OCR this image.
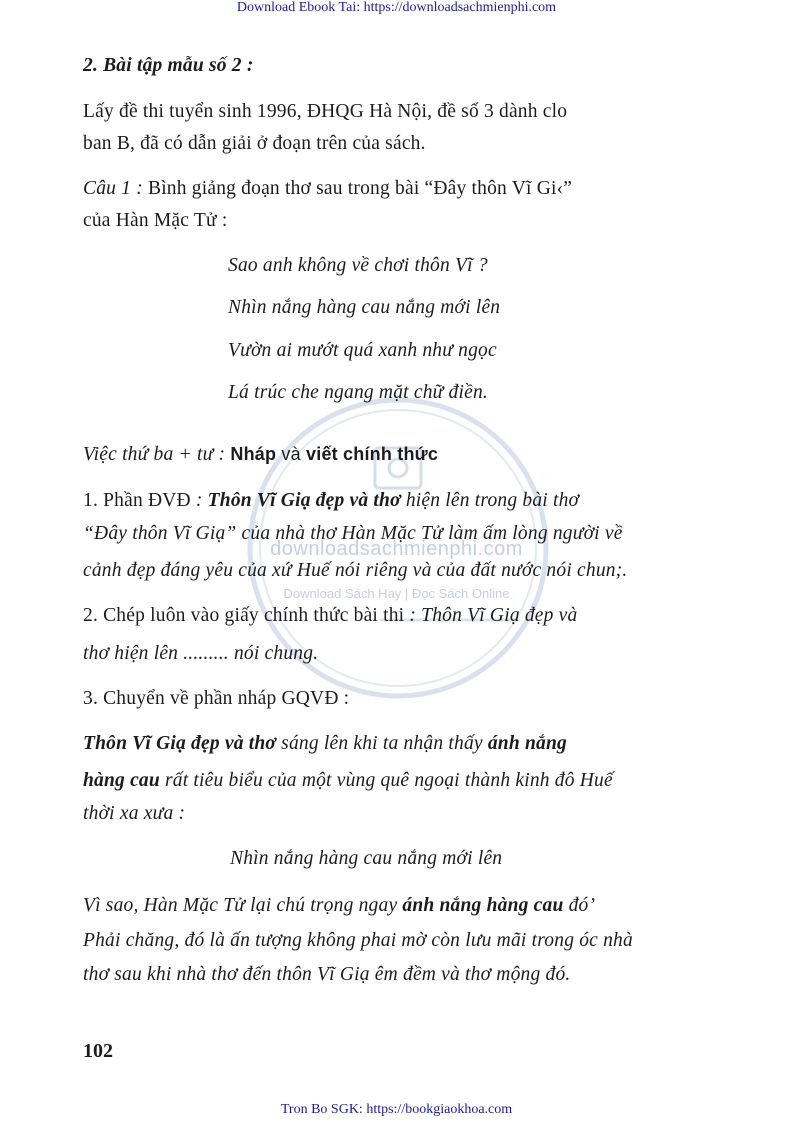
downloadsachmienphi.com
Download Sách Hay | Đọc Sách Online
Download Ebook Tai: https://downloadsachmienphi.com
2. Bài tập mẫu số 2 :
Lấy đề thi tuyển sinh 1996, ĐHQG Hà Nội, đề số 3 dành clo
ban B, đã có dẫn giải ở đoạn trên của sách.
Câu 1 : Bình giảng đoạn thơ sau trong bài “Đây thôn Vĩ Gi‹”
của Hàn Mặc Tử :
Sao anh không về chơi thôn Vĩ ?
Nhìn nắng hàng cau nắng mới lên
Vườn ai mướt quá xanh như ngọc
Lá trúc che ngang mặt chữ điền.
Việc thứ ba + tư : Nháp và viết chính thức
1. Phần ĐVĐ : Thôn Vĩ Giạ đẹp và thơ hiện lên trong bài thơ
“Đây thôn Vĩ Giạ” của nhà thơ Hàn Mặc Tử làm ấm lòng người về
cảnh đẹp đáng yêu của xứ Huế nói riêng và của đất nước nói chun;.
2. Chép luôn vào giấy chính thức bài thi : Thôn Vĩ Giạ đẹp và
thơ hiện lên ......... nói chung.
3. Chuyển về phần nháp GQVĐ :
Thôn Vĩ Giạ đẹp và thơ sáng lên khi ta nhận thấy ánh nắng
hàng cau rất tiêu biểu của một vùng quê ngoại thành kinh đô Huế
thời xa xưa :
Nhìn nắng hàng cau nắng mới lên
Vì sao, Hàn Mặc Tử lại chú trọng ngay ánh nắng hàng cau đó’
Phải chăng, đó là ấn tượng không phai mờ còn lưu mãi trong óc nhà
thơ sau khi nhà thơ đến thôn Vĩ Giạ êm đềm và thơ mộng đó.
102
Tron Bo SGK: https://bookgiaokhoa.com
